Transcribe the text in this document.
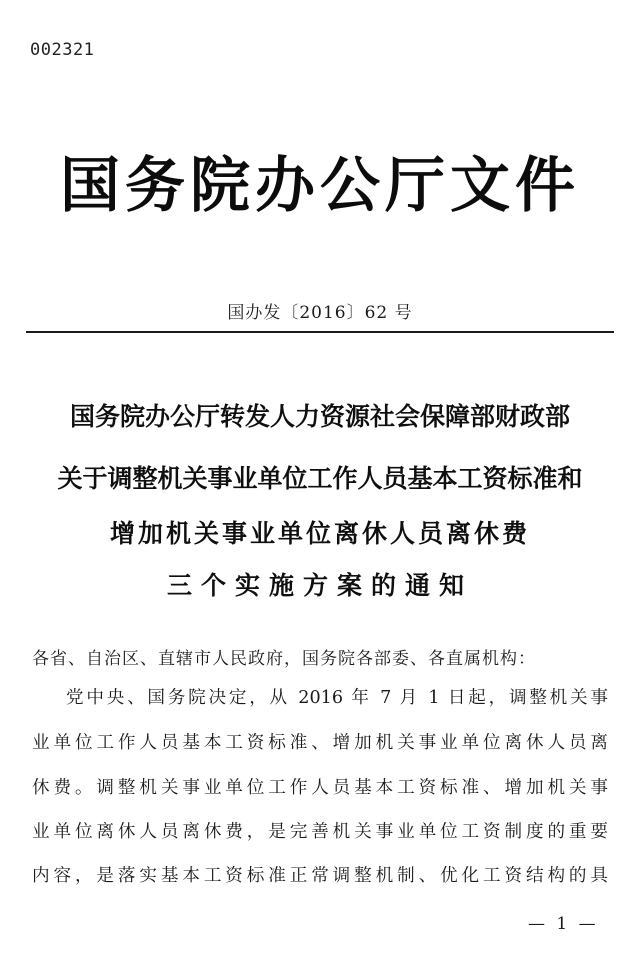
002321
国务院办公厅文件
国办发〔2016〕62 号
国务院办公厅转发人力资源社会保障部财政部
关于调整机关事业单位工作人员基本工资标准和
增加机关事业单位离休人员离休费
三个实施方案的通知
各省、自治区、直辖市人民政府，国务院各部委、各直属机构：
党中央、国务院决定，从 2016 年 7 月 1 日起，调整机关事
业单位工作人员基本工资标准、增加机关事业单位离休人员离
休费。调整机关事业单位工作人员基本工资标准、增加机关事
业单位离休人员离休费，是完善机关事业单位工资制度的重要
内容，是落实基本工资标准正常调整机制、优化工资结构的具
— 1 —
